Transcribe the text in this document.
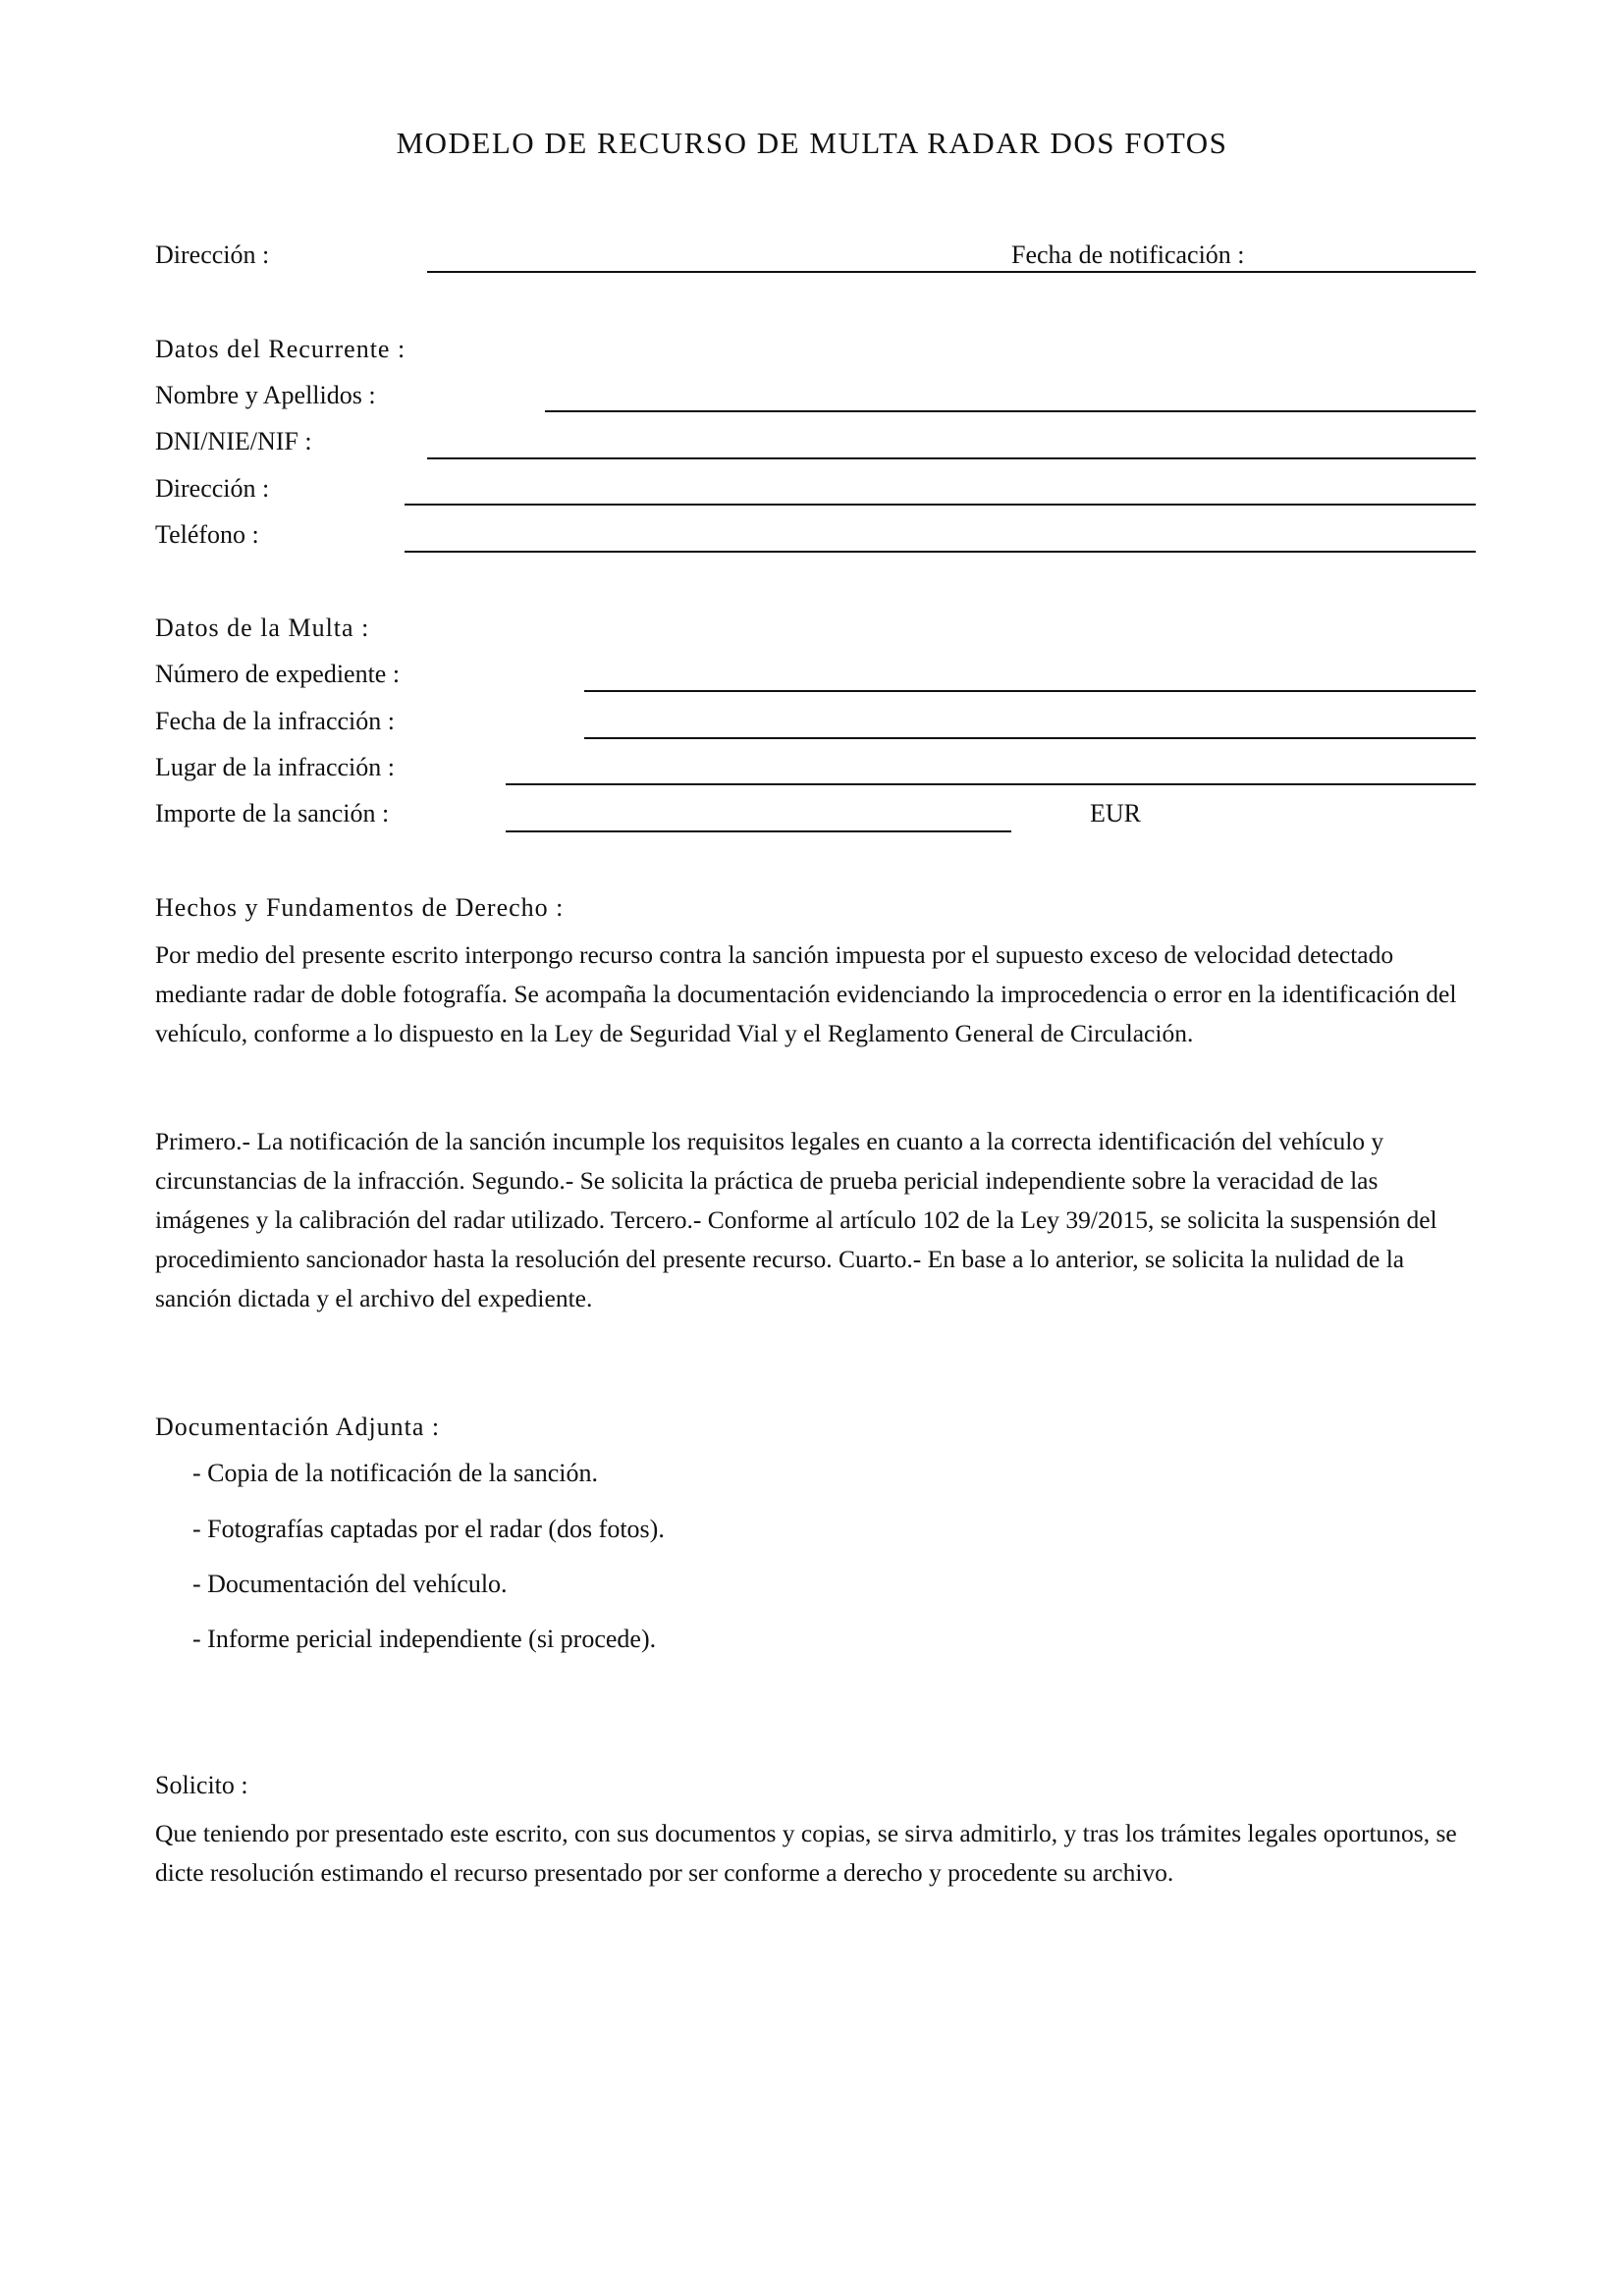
MODELO DE RECURSO DE MULTA RADAR DOS FOTOS
Dirección :	Fecha de notificación :
Datos del Recurrente :
Nombre y Apellidos :
DNI/NIE/NIF :
Dirección :
Teléfono :
Datos de la Multa :
Número de expediente :
Fecha de la infracción :
Lugar de la infracción :
Importe de la sanción :	EUR
Hechos y Fundamentos de Derecho :
Por medio del presente escrito interpongo recurso contra la sanción impuesta por el supuesto exceso de velocidad detectado mediante radar de doble fotografía. Se acompaña la documentación evidenciando la improcedencia o error en la identificación del vehículo, conforme a lo dispuesto en la Ley de Seguridad Vial y el Reglamento General de Circulación.
Primero.- La notificación de la sanción incumple los requisitos legales en cuanto a la correcta identificación del vehículo y circunstancias de la infracción. Segundo.- Se solicita la práctica de prueba pericial independiente sobre la veracidad de las imágenes y la calibración del radar utilizado. Tercero.- Conforme al artículo 102 de la Ley 39/2015, se solicita la suspensión del procedimiento sancionador hasta la resolución del presente recurso. Cuarto.- En base a lo anterior, se solicita la nulidad de la sanción dictada y el archivo del expediente.
Documentación Adjunta :
- Copia de la notificación de la sanción.
- Fotografías captadas por el radar (dos fotos).
- Documentación del vehículo.
- Informe pericial independiente (si procede).
Solicito :
Que teniendo por presentado este escrito, con sus documentos y copias, se sirva admitirlo, y tras los trámites legales oportunos, se dicte resolución estimando el recurso presentado por ser conforme a derecho y procedente su archivo.
